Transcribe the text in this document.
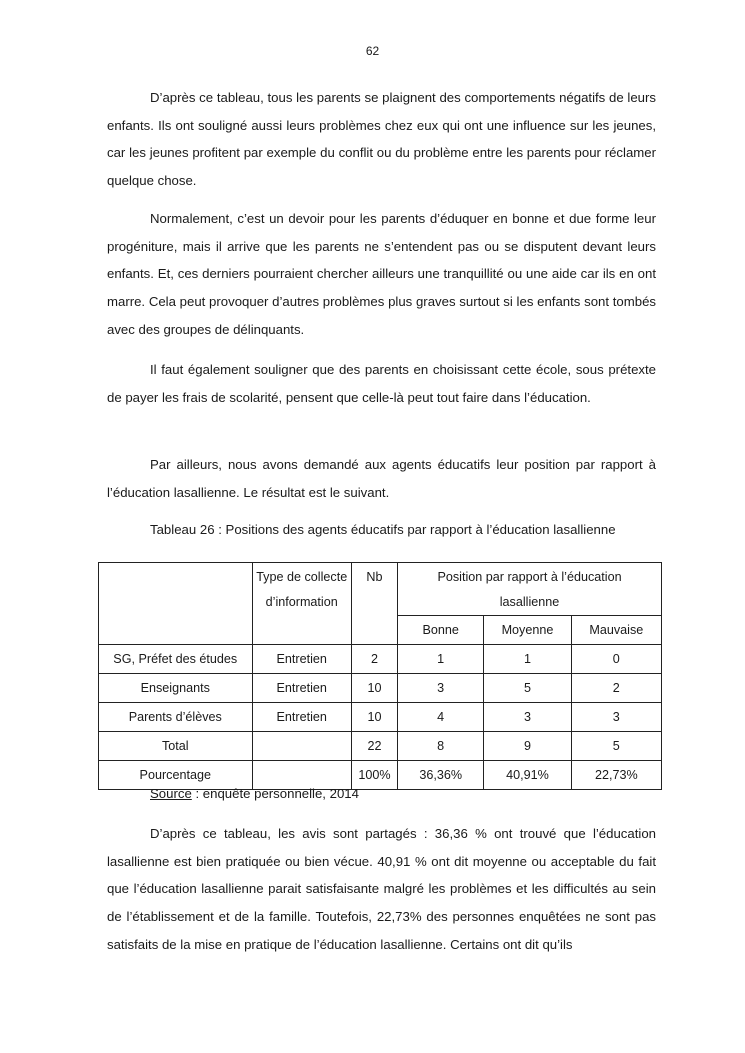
62

D’après ce tableau, tous les parents se plaignent des comportements négatifs de leurs enfants. Ils ont souligné aussi leurs problèmes chez eux qui ont une influence sur les jeunes, car les jeunes profitent par exemple du conflit ou du problème entre les parents pour réclamer quelque chose.

Normalement, c’est un devoir pour les parents d’éduquer en bonne et due forme leur progéniture, mais il arrive que les parents ne s’entendent pas ou se disputent devant leurs enfants. Et, ces derniers pourraient chercher ailleurs une tranquillité ou une aide car ils en ont marre. Cela peut provoquer d’autres problèmes plus graves surtout si les enfants sont tombés avec des groupes de délinquants.

Il faut également souligner que des parents en choisissant cette école, sous prétexte de payer les frais de scolarité, pensent que celle-là peut tout faire dans l’éducation.

Par ailleurs, nous avons demandé aux agents éducatifs leur position par rapport à l’éducation lasallienne. Le résultat est le suivant.

Tableau 26 : Positions des agents éducatifs par rapport à l’éducation lasallienne
	Type de collecte d’information	Nb	Position par rapport à l’éducation lasallienne		
			Bonne	Moyenne	Mauvaise
SG, Préfet des études	Entretien	2	1	1	0
Enseignants	Entretien	10	3	5	2
Parents d’élèves	Entretien	10	4	3	3
Total		22	8	9	5
Pourcentage		100%	36,36%	40,91%	22,73%
Source : enquête personnelle, 2014

D’après ce tableau, les avis sont partagés : 36,36 % ont trouvé que l’éducation lasallienne est bien pratiquée ou bien vécue. 40,91 % ont dit moyenne ou acceptable du fait que l’éducation lasallienne parait satisfaisante malgré les problèmes et les difficultés au sein de l’établissement et de la famille. Toutefois, 22,73% des personnes enquêtées ne sont pas satisfaits de la mise en pratique de l’éducation lasallienne. Certains ont dit qu’ils
